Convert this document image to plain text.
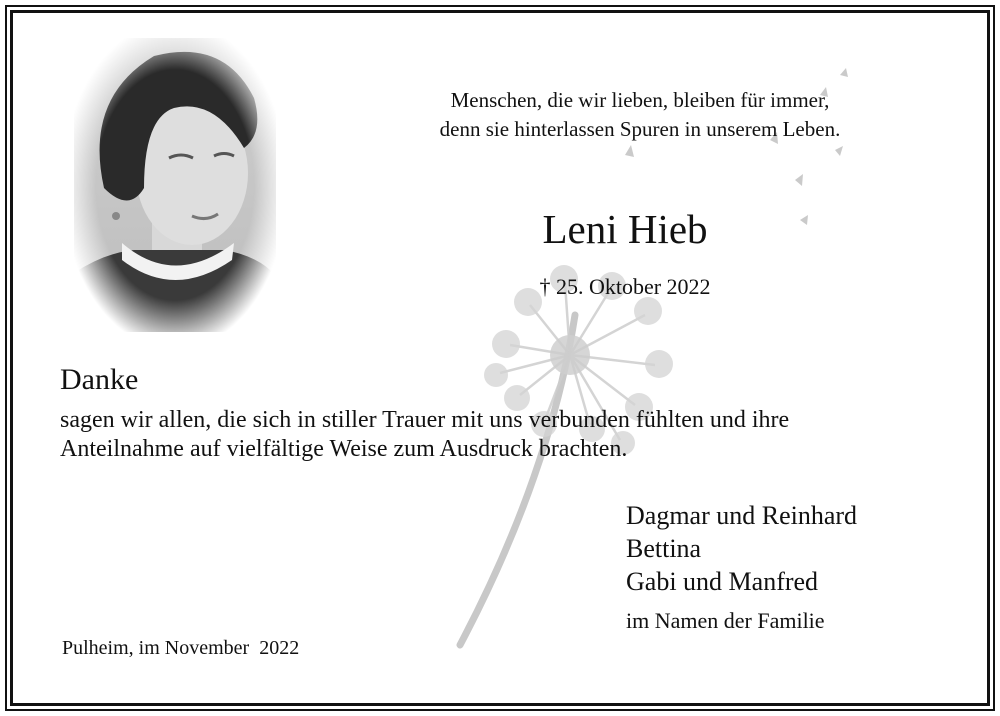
Menschen, die wir lieben, bleiben für immer,
denn sie hinterlassen Spuren in unserem Leben.
Leni Hieb
† 25. Oktober 2022
Danke
sagen wir allen, die sich in stiller Trauer mit uns verbunden fühlten und ihre
Anteilnahme auf vielfältige Weise zum Ausdruck brachten.
Dagmar und Reinhard
Bettina
Gabi und Manfred
im Namen der Familie
Pulheim, im November  2022
